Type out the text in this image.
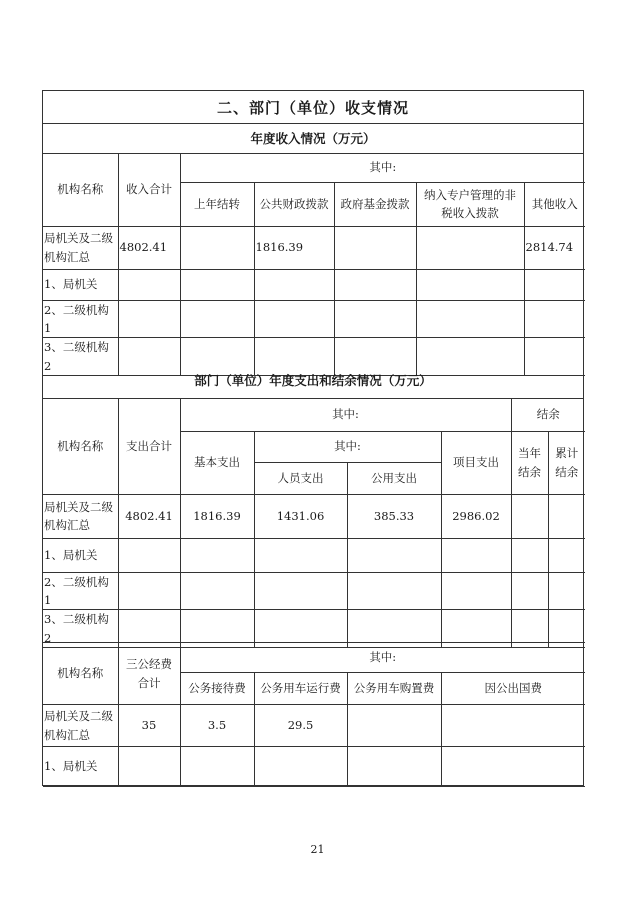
二、部门（单位）收支情况
年度收入情况（万元）
机构名称	收入合计	其中:				
		上年结转	公共财政拨款	政府基金拨款	纳入专户管理的非税收入拨款	其他收入
局机关及二级机构汇总	4802.41		1816.39			2814.74
1、局机关						
2、二级机构1						
3、二级机构2						
部门（单位）年度支出和结余情况（万元）
机构名称	支出合计	其中:				结余	
		基本支出	其中:		项目支出	当年结余	累计结余
			人员支出	公用支出			
局机关及二级机构汇总	4802.41	1816.39	1431.06	385.33	2986.02		
1、局机关							
2、二级机构1							
3、二级机构2							
机构名称	三公经费合计	其中:			
		公务接待费	公务用车运行费	公务用车购置费	因公出国费
局机关及二级机构汇总	35	3.5	29.5		
1、局机关					
21
